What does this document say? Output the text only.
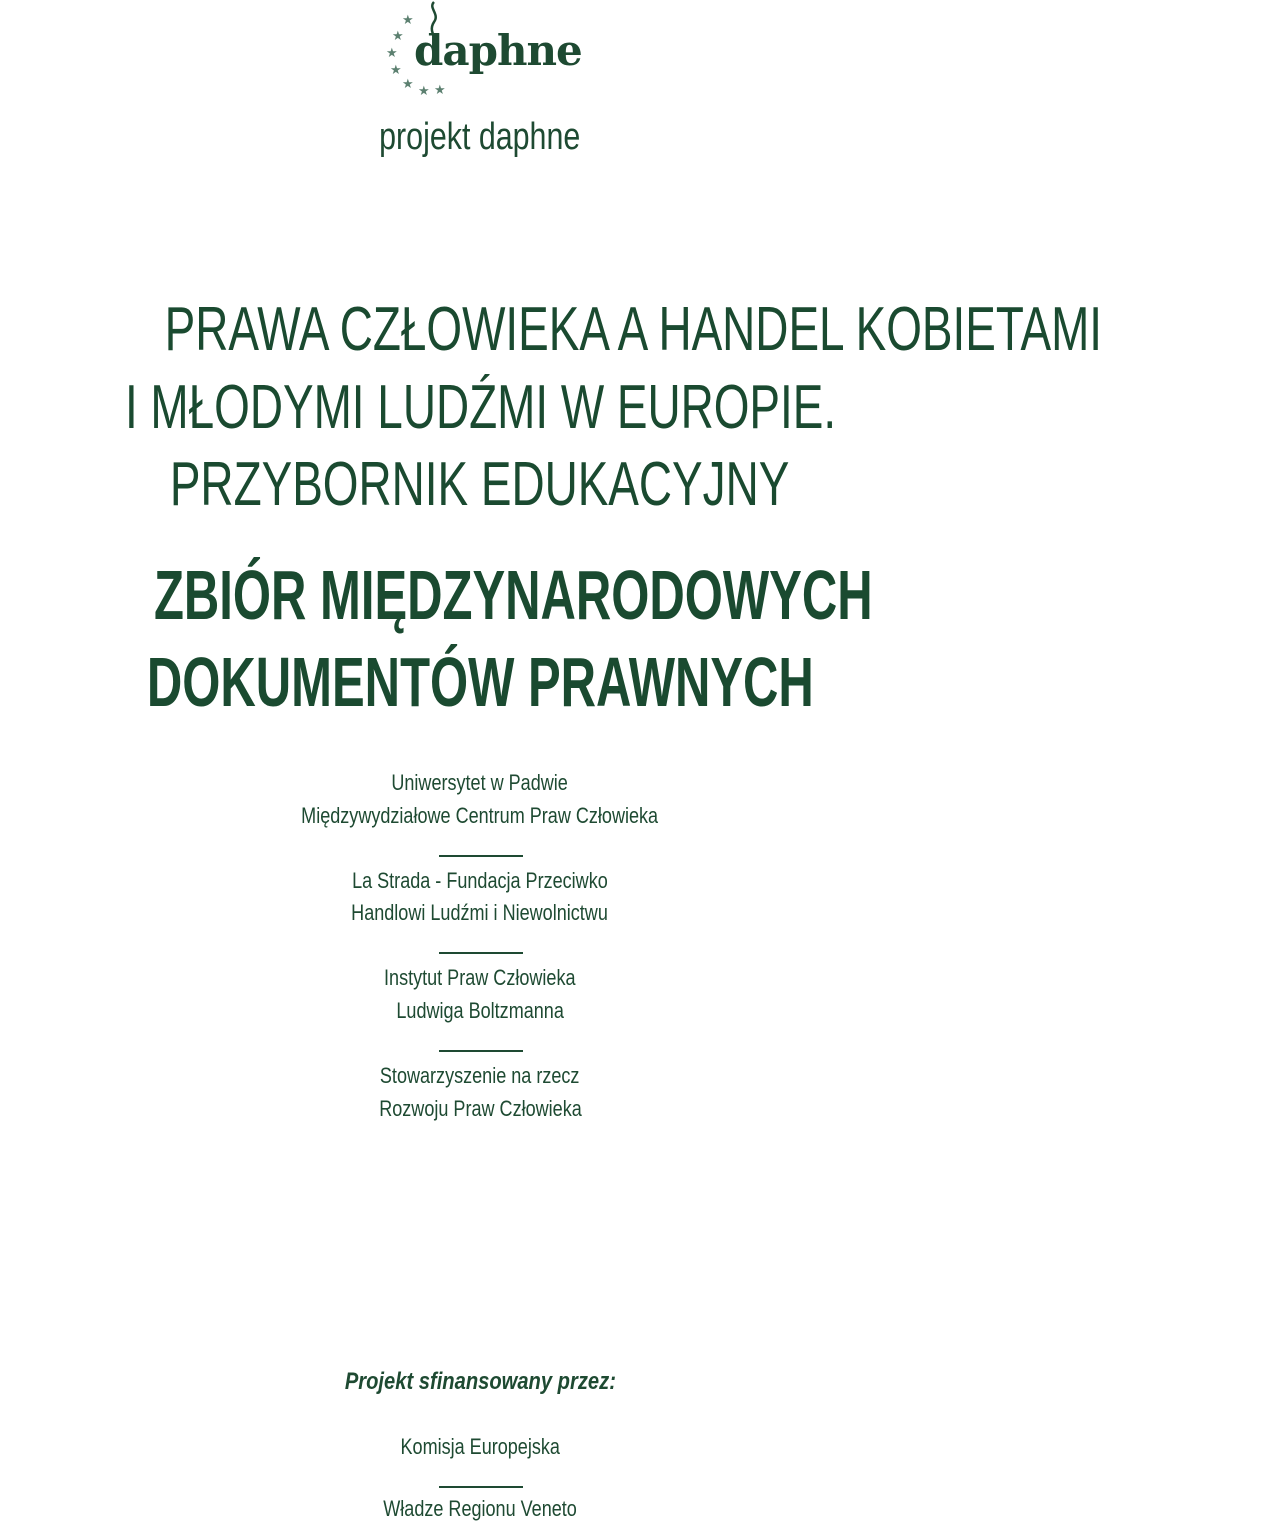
★
★
★
★
★ ★ ★
daphne
projekt daphne
PRAWA CZŁOWIEKA A HANDEL KOBIETAMI
I MŁODYMI LUDŹMI W EUROPIE.
PRZYBORNIK EDUKACYJNY
ZBIÓR MIĘDZYNARODOWYCH
DOKUMENTÓW PRAWNYCH
Uniwersytet w Padwie
Międzywydziałowe Centrum Praw Człowieka
La Strada - Fundacja Przeciwko
Handlowi Ludźmi i Niewolnictwu
Instytut Praw Człowieka
Ludwiga Boltzmanna
Stowarzyszenie na rzecz
Rozwoju Praw Człowieka
Projekt sfinansowany przez:
Komisja Europejska
Władze Regionu Veneto
